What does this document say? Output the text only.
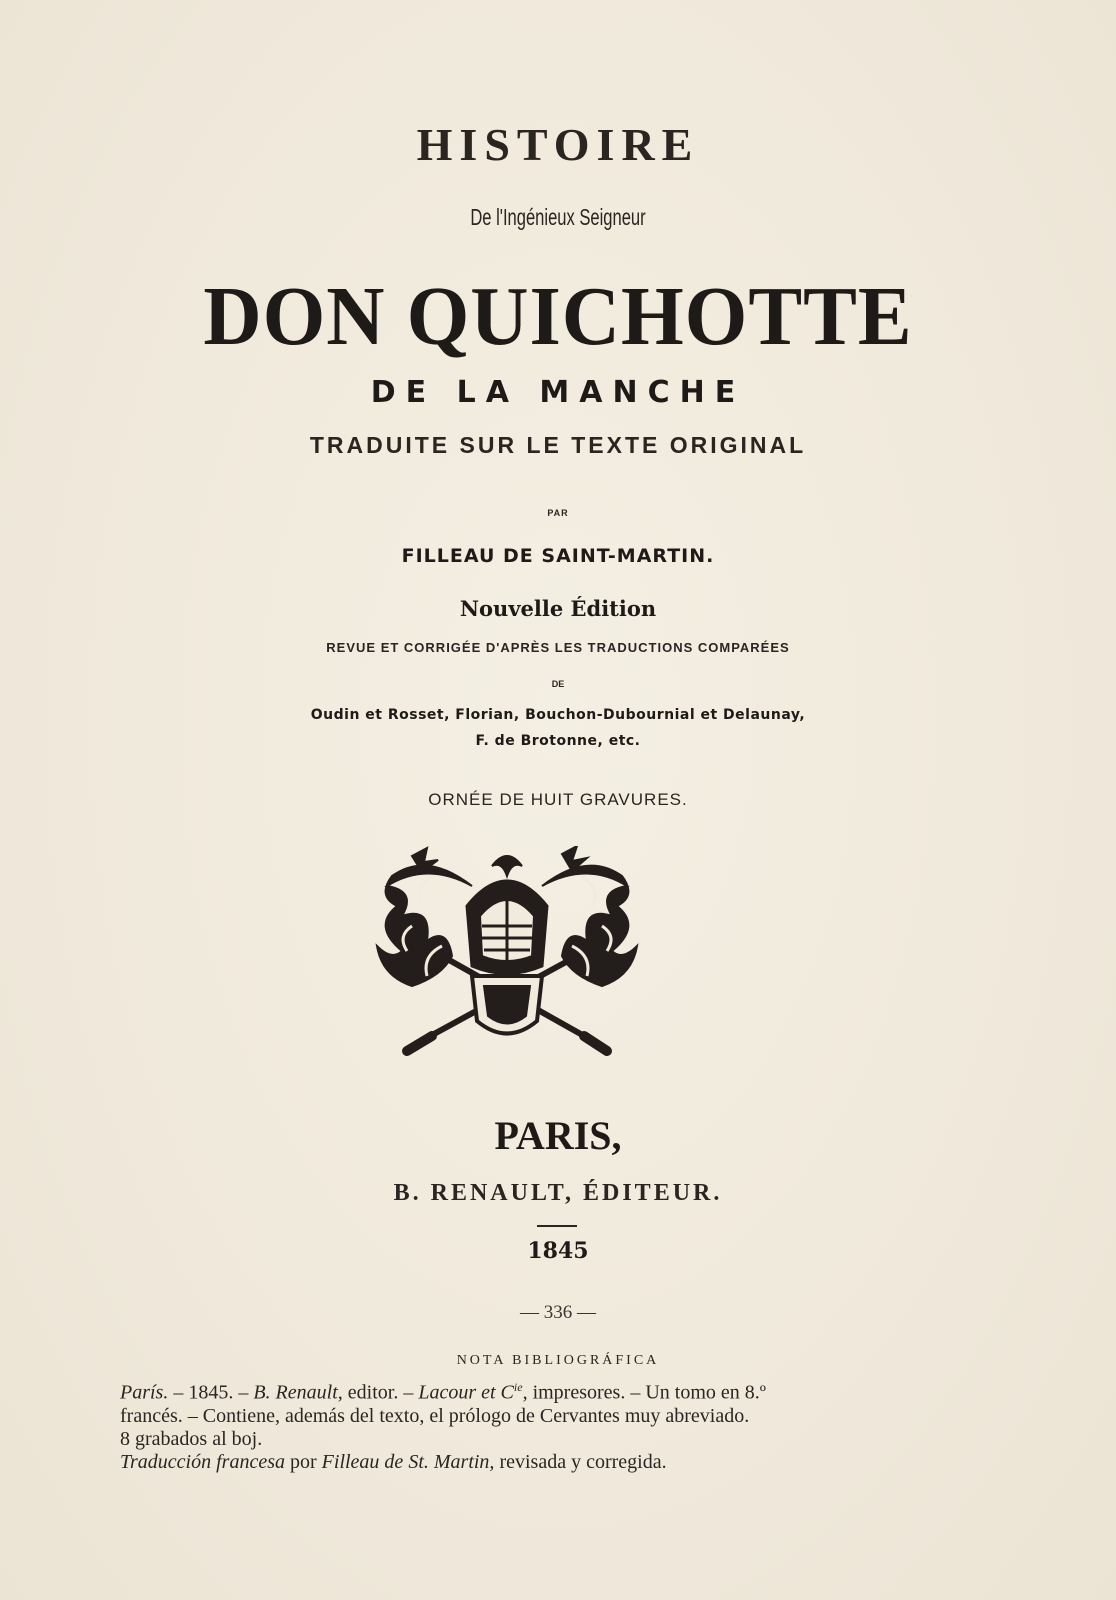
HISTOIRE
De l'Ingénieux Seigneur
DON QUICHOTTE
DE LA MANCHE
TRADUITE SUR LE TEXTE ORIGINAL
PAR
FILLEAU DE SAINT-MARTIN.
Nouvelle Édition
REVUE ET CORRIGÉE D'APRÈS LES TRADUCTIONS COMPARÉES
DE
Oudin et Rosset, Florian, Bouchon-Dubournial et Delaunay,
F. de Brotonne, etc.
ORNÉE DE HUIT GRAVURES.
PARIS,
B. RENAULT, ÉDITEUR.
1845
— 336 —
NOTA BIBLIOGRÁFICA

París. – 1845. – B. Renault, editor. – Lacour et $C^{ie}$, impresores. – Un tomo en 8.º

francés. – Contiene, además del texto, el prólogo de Cervantes muy abreviado.

8 grabados al boj.

Traducción francesa por Filleau de St. Martin, revisada y corregida.
